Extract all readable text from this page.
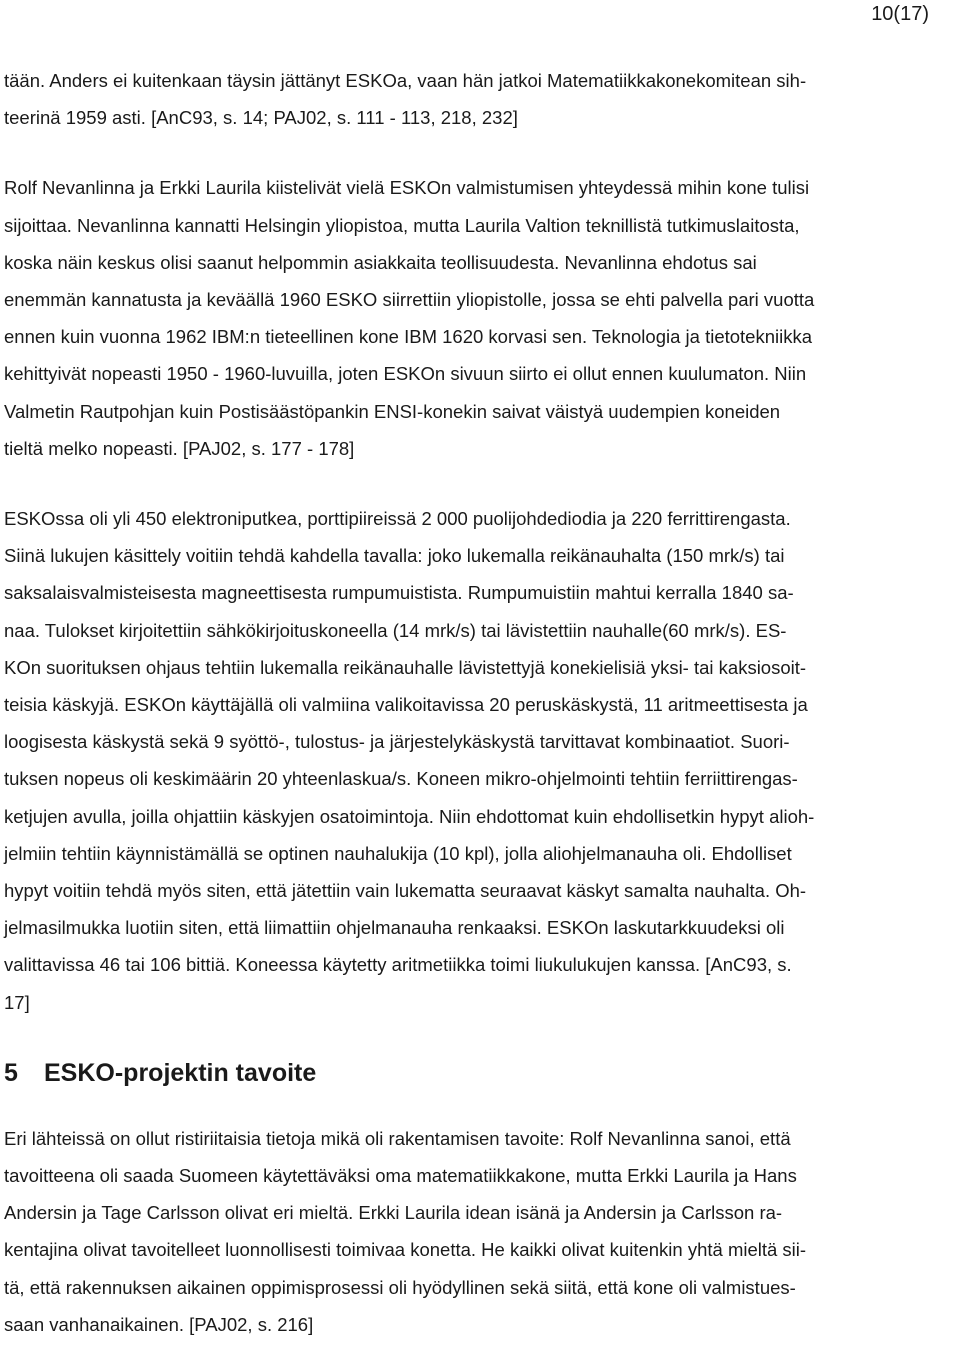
10(17)

tään. Anders ei kuitenkaan täysin jättänyt ESKOa, vaan hän jatkoi Matematiikkakonekomitean sih-
teerinä 1959 asti. [AnC93, s. 14; PAJ02, s. 111 - 113, 218, 232]

Rolf Nevanlinna ja Erkki Laurila kiistelivät vielä ESKOn valmistumisen yhteydessä mihin kone tulisi
sijoittaa. Nevanlinna kannatti Helsingin yliopistoa, mutta Laurila Valtion teknillistä tutkimuslaitosta,
koska näin keskus olisi saanut helpommin asiakkaita teollisuudesta. Nevanlinna ehdotus sai
enemmän kannatusta ja keväällä 1960 ESKO siirrettiin yliopistolle, jossa se ehti palvella pari vuotta
ennen kuin vuonna 1962 IBM:n tieteellinen kone IBM 1620 korvasi sen. Teknologia ja tietotekniikka
kehittyivät nopeasti 1950 - 1960-luvuilla, joten ESKOn sivuun siirto ei ollut ennen kuulumaton. Niin
Valmetin Rautpohjan kuin Postisäästöpankin ENSI-konekin saivat väistyä uudempien koneiden
tieltä melko nopeasti. [PAJ02, s. 177 - 178]

ESKOssa oli yli 450 elektroniputkea, porttipiireissä 2 000 puolijohdediodia ja 220 ferrittirengasta.
Siinä lukujen käsittely voitiin tehdä kahdella tavalla: joko lukemalla reikänauhalta (150 mrk/s) tai
saksalaisvalmisteisesta magneettisesta rumpumuistista. Rumpumuistiin mahtui kerralla 1840 sa-
naa. Tulokset kirjoitettiin sähkökirjoituskoneella (14 mrk/s) tai lävistettiin nauhalle(60 mrk/s). ES-
KOn suorituksen ohjaus tehtiin lukemalla reikänauhalle lävistettyjä konekielisiä yksi- tai kaksiosoit-
teisia käskyjä. ESKOn käyttäjällä oli valmiina valikoitavissa 20 peruskäskystä, 11 aritmeettisesta ja
loogisesta käskystä sekä 9 syöttö-, tulostus- ja järjestelykäskystä tarvittavat kombinaatiot. Suori-
tuksen nopeus oli keskimäärin 20 yhteenlaskua/s. Koneen mikro-ohjelmointi tehtiin ferriittirengas-
ketjujen avulla, joilla ohjattiin käskyjen osatoimintoja. Niin ehdottomat kuin ehdollisetkin hypyt alioh-
jelmiin tehtiin käynnistämällä se optinen nauhalukija (10 kpl), jolla aliohjelmanauha oli. Ehdolliset
hypyt voitiin tehdä myös siten, että jätettiin vain lukematta seuraavat käskyt samalta nauhalta. Oh-
jelmasilmukka luotiin siten, että liimattiin ohjelmanauha renkaaksi. ESKOn laskutarkkuudeksi oli
valittavissa 46 tai 106 bittiä. Koneessa käytetty aritmetiikka toimi liukulukujen kanssa. [AnC93, s.
17]

5 ESKO-projektin tavoite

Eri lähteissä on ollut ristiriitaisia tietoja mikä oli rakentamisen tavoite: Rolf Nevanlinna sanoi, että
tavoitteena oli saada Suomeen käytettäväksi oma matematiikkakone, mutta Erkki Laurila ja Hans
Andersin ja Tage Carlsson olivat eri mieltä. Erkki Laurila idean isänä ja Andersin ja Carlsson ra-
kentajina olivat tavoitelleet luonnollisesti toimivaa konetta. He kaikki olivat kuitenkin yhtä mieltä sii-
tä, että rakennuksen aikainen oppimisprosessi oli hyödyllinen sekä siitä, että kone oli valmistues-
saan vanhanaikainen. [PAJ02, s. 216]
